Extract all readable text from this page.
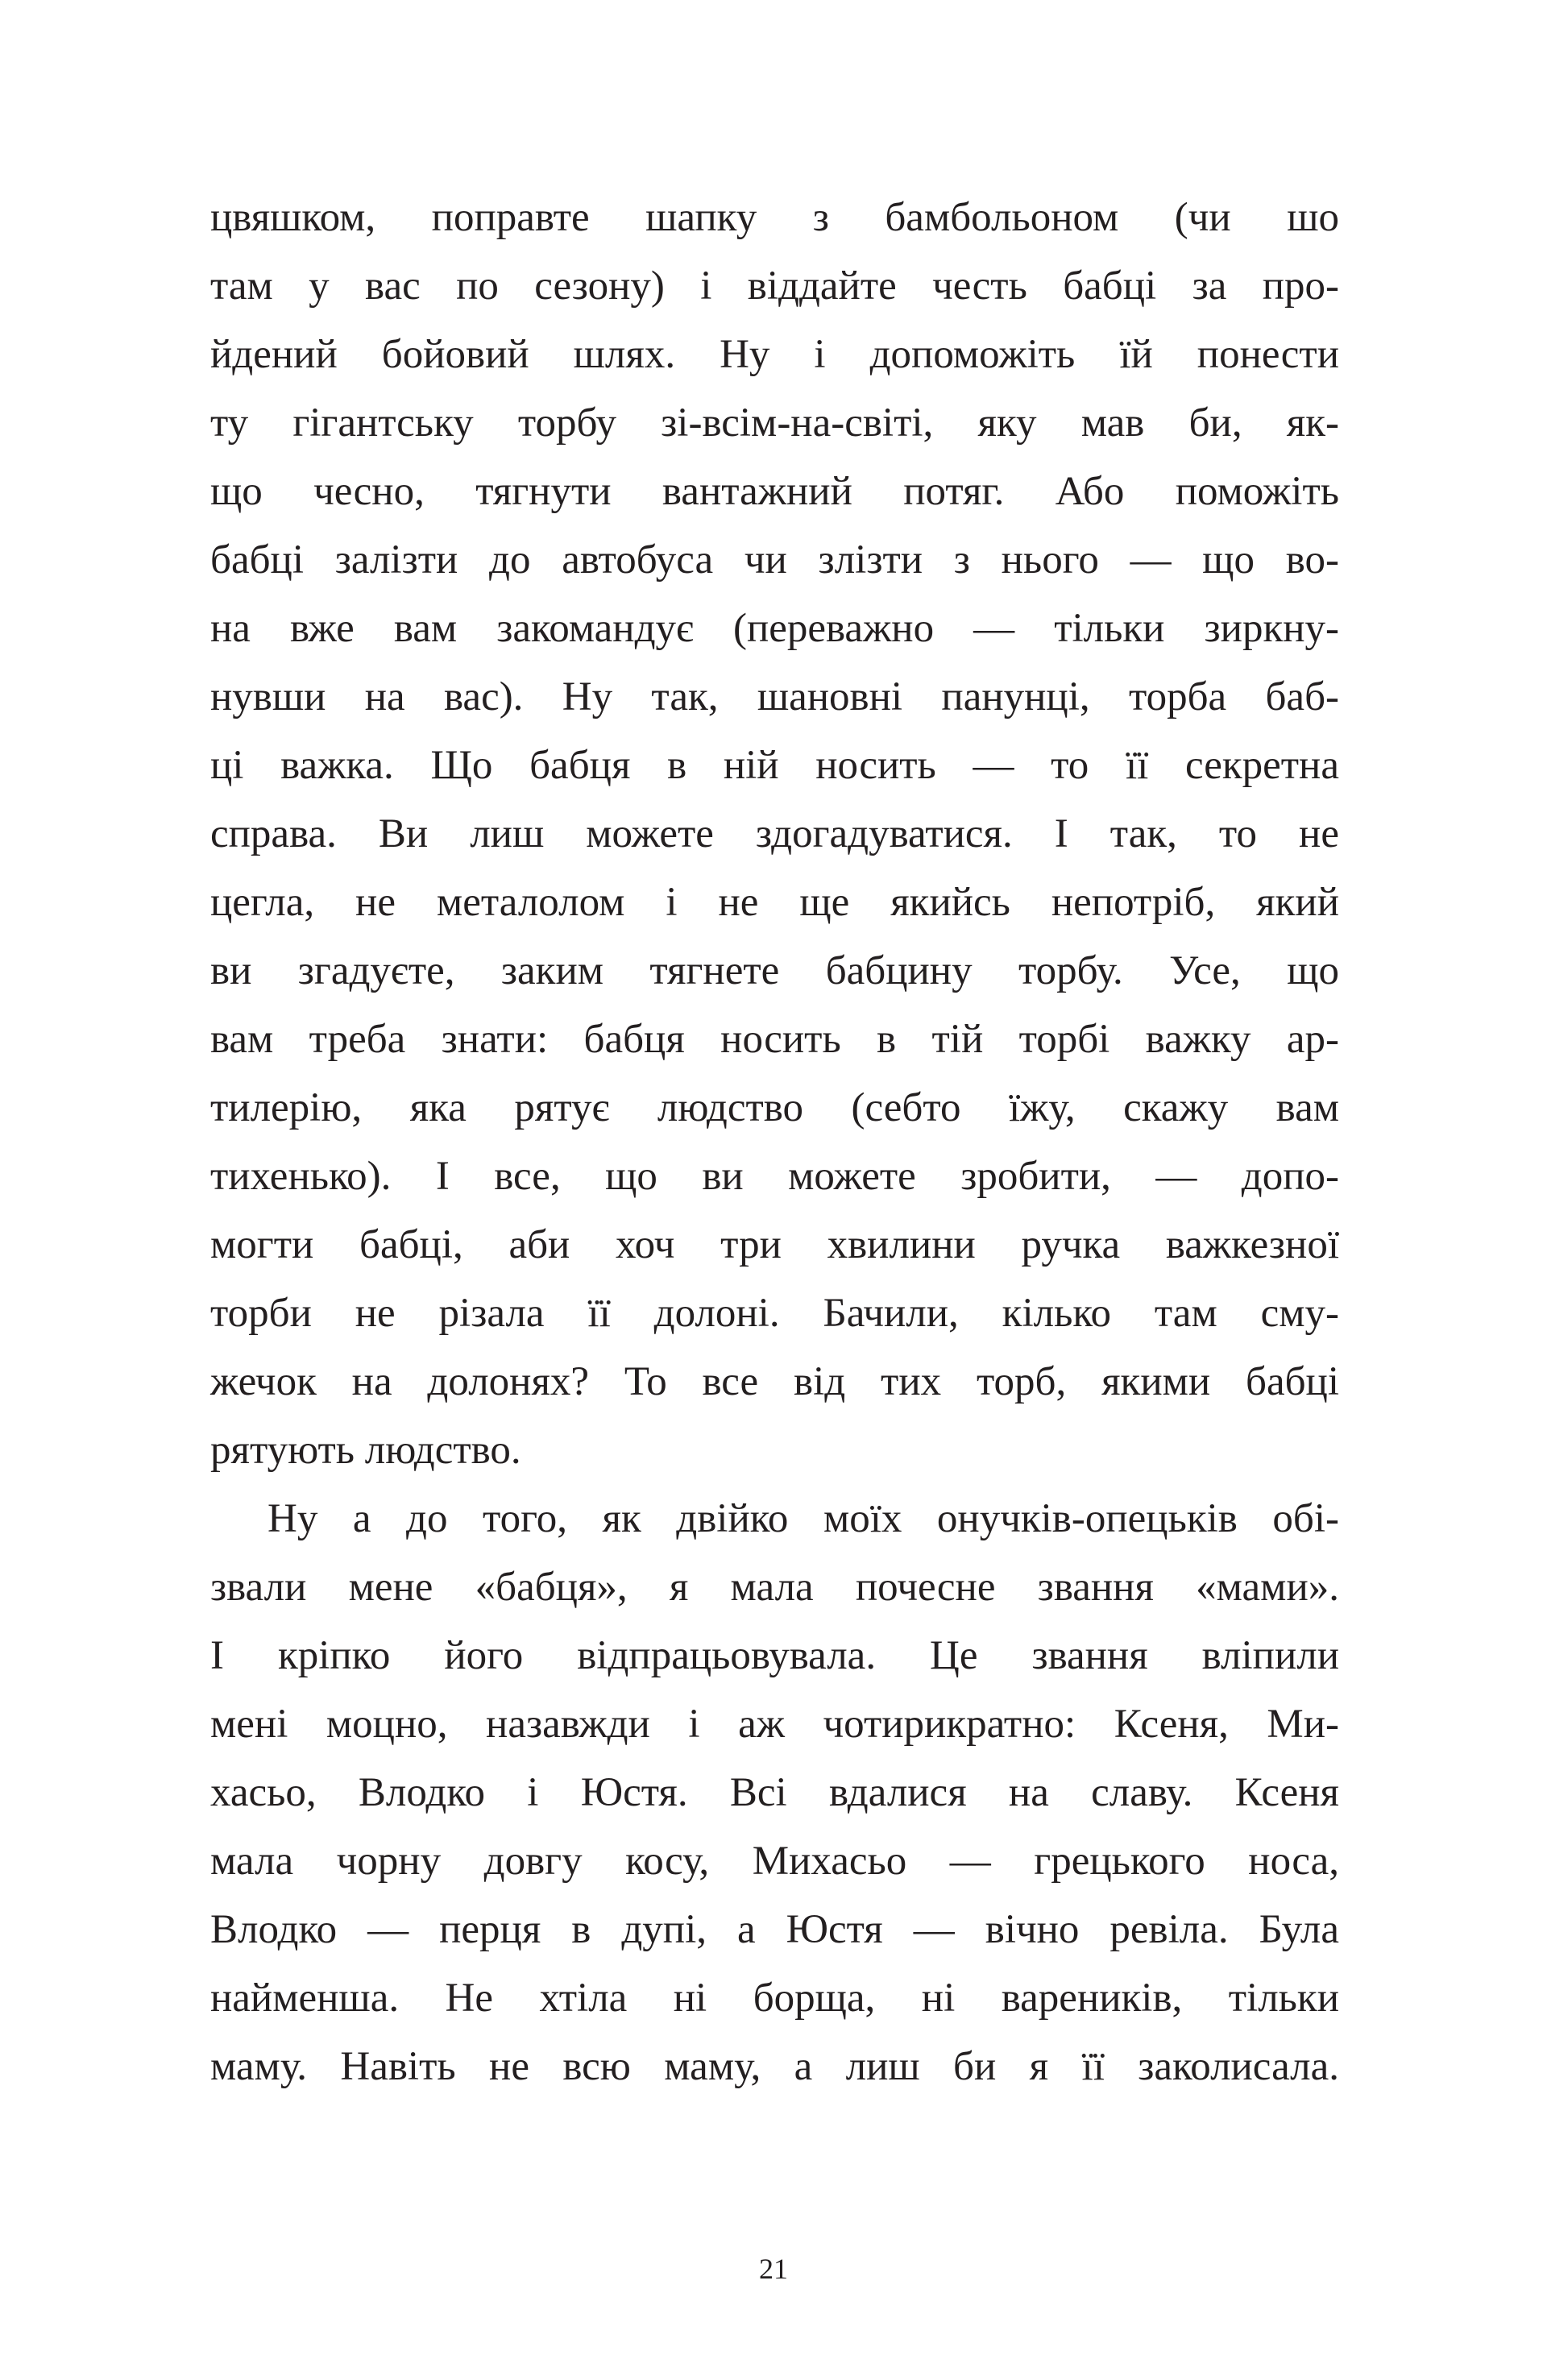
цвяшком, поправте шапку з бамбольоном (чи шо
там у вас по сезону) і віддайте честь бабці за про-
йдений бойовий шлях. Ну і допоможіть їй понести
ту гігантську торбу зі-всім-на-світі, яку мав би, як-
що чесно, тягнути вантажний потяг. Або поможіть
бабці залізти до автобуса чи злізти з нього — що во-
на вже вам закомандує (переважно — тільки зиркну-
нувши на вас). Ну так, шановні панунці, торба баб-
ці важка. Що бабця в ній носить — то її секретна
справа. Ви лиш можете здогадуватися. І так, то не
цегла, не металолом і не ще якийсь непотріб, який
ви згадуєте, заким тягнете бабцину торбу. Усе, що
вам треба знати: бабця носить в тій торбі важку ар-
тилерію, яка рятує людство (себто їжу, скажу вам
тихенько). І все, що ви можете зробити, — допо-
могти бабці, аби хоч три хвилини ручка важкезної
торби не різала її долоні. Бачили, кілько там сму-
жечок на долонях? То все від тих торб, якими бабці
рятують людство.
Ну а до того, як двійко моїх онучків-опецьків обі-
звали мене «бабця», я мала почесне звання «мами».
І кріпко його відпрацьовувала. Це звання вліпили
мені моцно, назавжди і аж чотирикратно: Ксеня, Ми-
хасьо, Влодко і Юстя. Всі вдалися на славу. Ксеня
мала чорну довгу косу, Михасьо — грецького носа,
Влодко — перця в дупі, а Юстя — вічно ревіла. Була
найменша. Не хтіла ні борща, ні вареників, тільки
маму. Навіть не всю маму, а лиш би я її заколисала.
21
